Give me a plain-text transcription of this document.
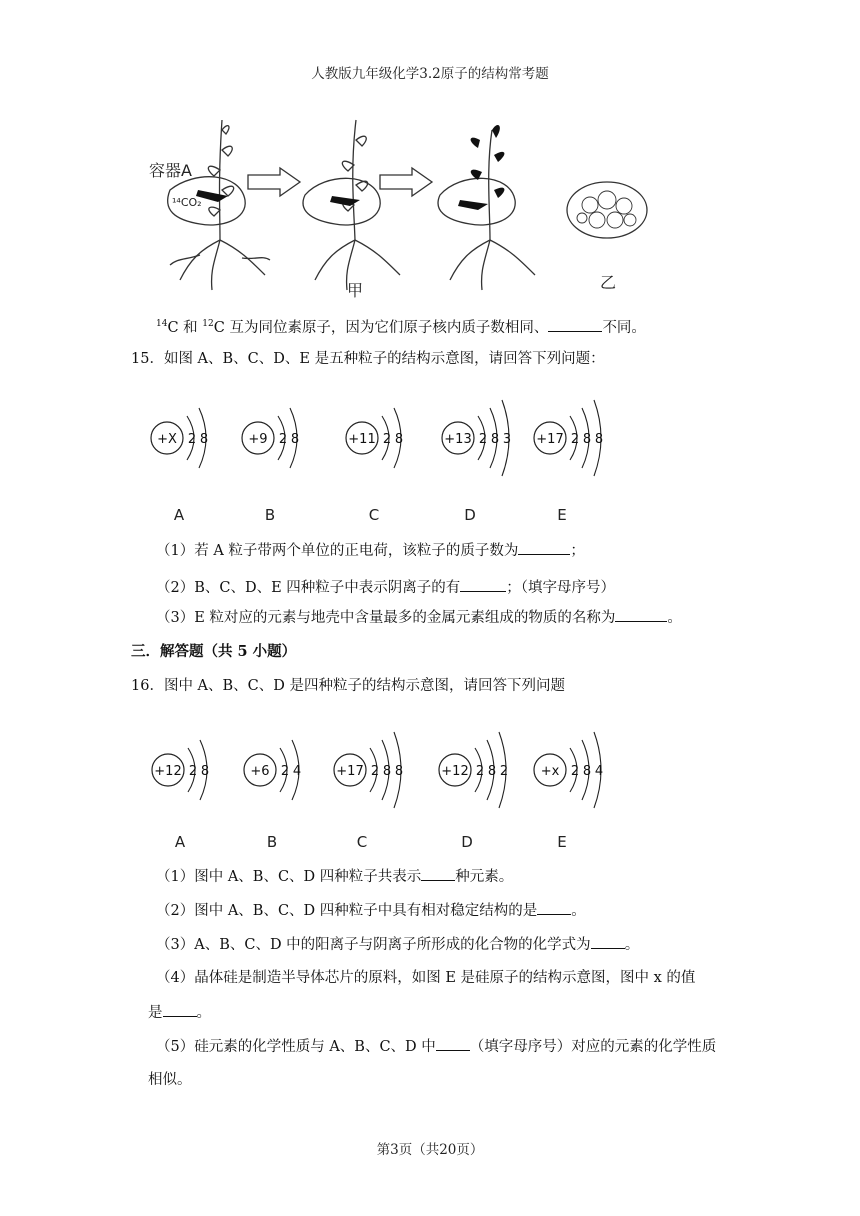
人教版九年级化学3.2原子的结构常考题
容器A
¹⁴CO₂
甲	乙
$^{14}$C 和 $^{12}$C 互为同位素原子，因为它们原子核内质子数相同、	不同。
15．如图 A、B、C、D、E 是五种粒子的结构示意图，请回答下列问题：
+X 2 8
A
+9 2 8
B
+11 2 8
C
+13 2 8 3
D
+17 2 8 8
E
（1）若 A 粒子带两个单位的正电荷，该粒子的质子数为	；
（2）B、C、D、E 四种粒子中表示阴离子的有	；（填字母序号）
（3）E 粒对应的元素与地壳中含量最多的金属元素组成的物质的名称为	。
三．解答题（共 5 小题）
16．图中 A、B、C、D 是四种粒子的结构示意图，请回答下列问题
+12 2 8
A
+6 2 4
B
+17 2 8 8
C
+12 2 8 2
D
+x 2 8 4
E
（1）图中 A、B、C、D 四种粒子共表示 种元素。
（2）图中 A、B、C、D 四种粒子中具有相对稳定结构的是 。
（3）A、B、C、D 中的阳离子与阴离子所形成的化合物的化学式为 。
（4）晶体硅是制造半导体芯片的原料，如图 E 是硅原子的结构示意图，图中 x 的值
是 。
（5）硅元素的化学性质与 A、B、C、D 中 （填字母序号）对应的元素的化学性质
相似。
第3页（共20页）
